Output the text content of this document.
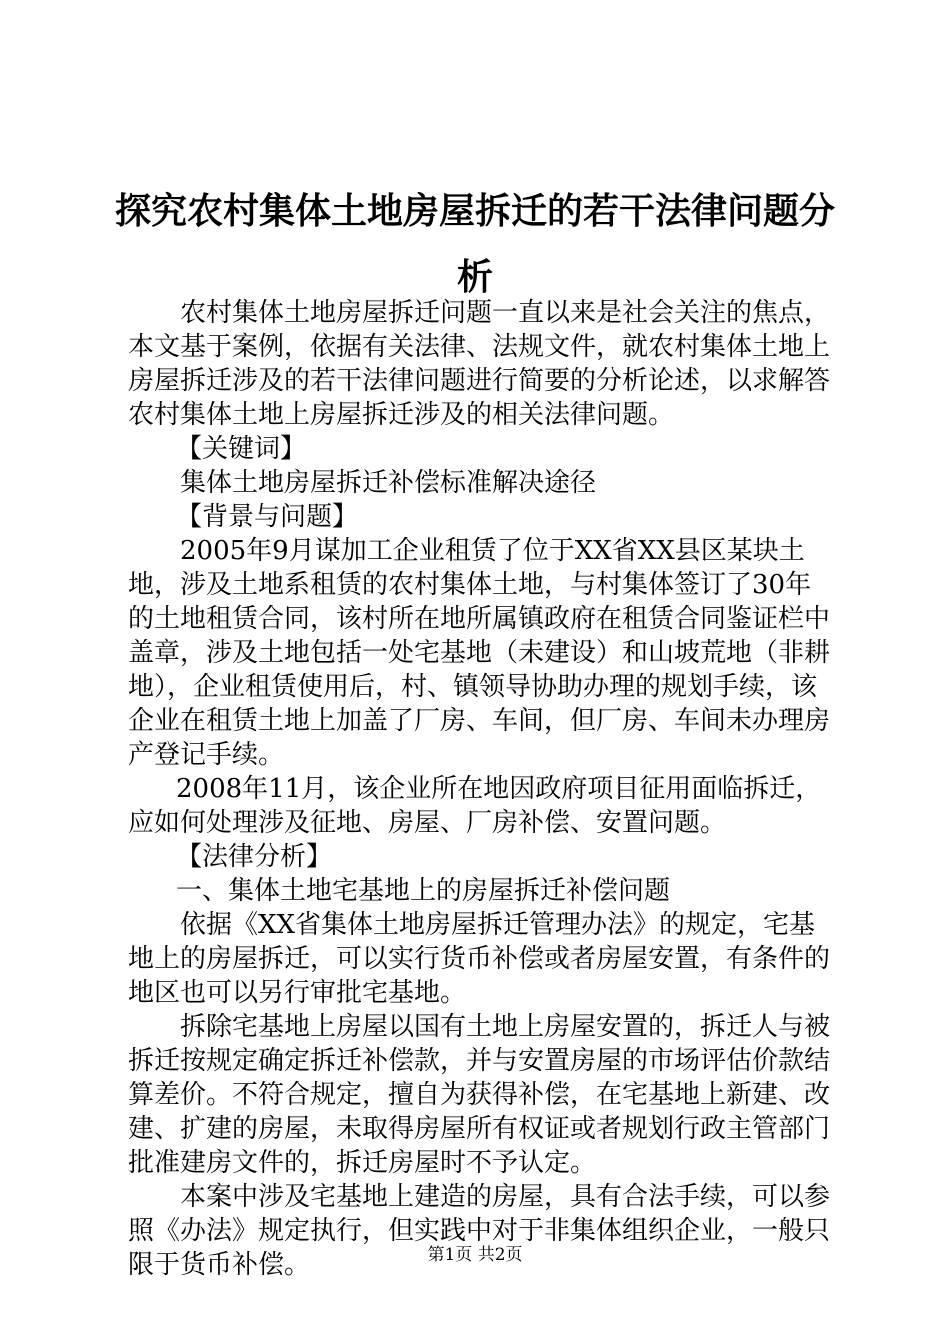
探究农村集体土地房屋拆迁的若干法律问题分析

农村集体土地房屋拆迁问题一直以来是社会关注的焦点，本文基于案例，依据有关法律、法规文件，就农村集体土地上房屋拆迁涉及的若干法律问题进行简要的分析论述，以求解答农村集体土地上房屋拆迁涉及的相关法律问题。

【关键词】

集体土地房屋拆迁补偿标准解决途径

【背景与问题】

2005年9月谋加工企业租赁了位于XX省XX县区某块土地，涉及土地系租赁的农村集体土地，与村集体签订了30年的土地租赁合同，该村所在地所属镇政府在租赁合同鉴证栏中盖章，涉及土地包括一处宅基地（未建设）和山坡荒地（非耕地），企业租赁使用后，村、镇领导协助办理的规划手续，该企业在租赁土地上加盖了厂房、车间，但厂房、车间未办理房产登记手续。

2008年11月，该企业所在地因政府项目征用面临拆迁，应如何处理涉及征地、房屋、厂房补偿、安置问题。

【法律分析】

一、集体土地宅基地上的房屋拆迁补偿问题

依据《XX省集体土地房屋拆迁管理办法》的规定，宅基地上的房屋拆迁，可以实行货币补偿或者房屋安置，有条件的地区也可以另行审批宅基地。

拆除宅基地上房屋以国有土地上房屋安置的，拆迁人与被拆迁按规定确定拆迁补偿款，并与安置房屋的市场评估价款结算差价。不符合规定，擅自为获得补偿，在宅基地上新建、改建、扩建的房屋，未取得房屋所有权证或者规划行政主管部门批准建房文件的，拆迁房屋时不予认定。

本案中涉及宅基地上建造的房屋，具有合法手续，可以参照《办法》规定执行，但实践中对于非集体组织企业，一般只限于货币补偿。	第1页 共2页
